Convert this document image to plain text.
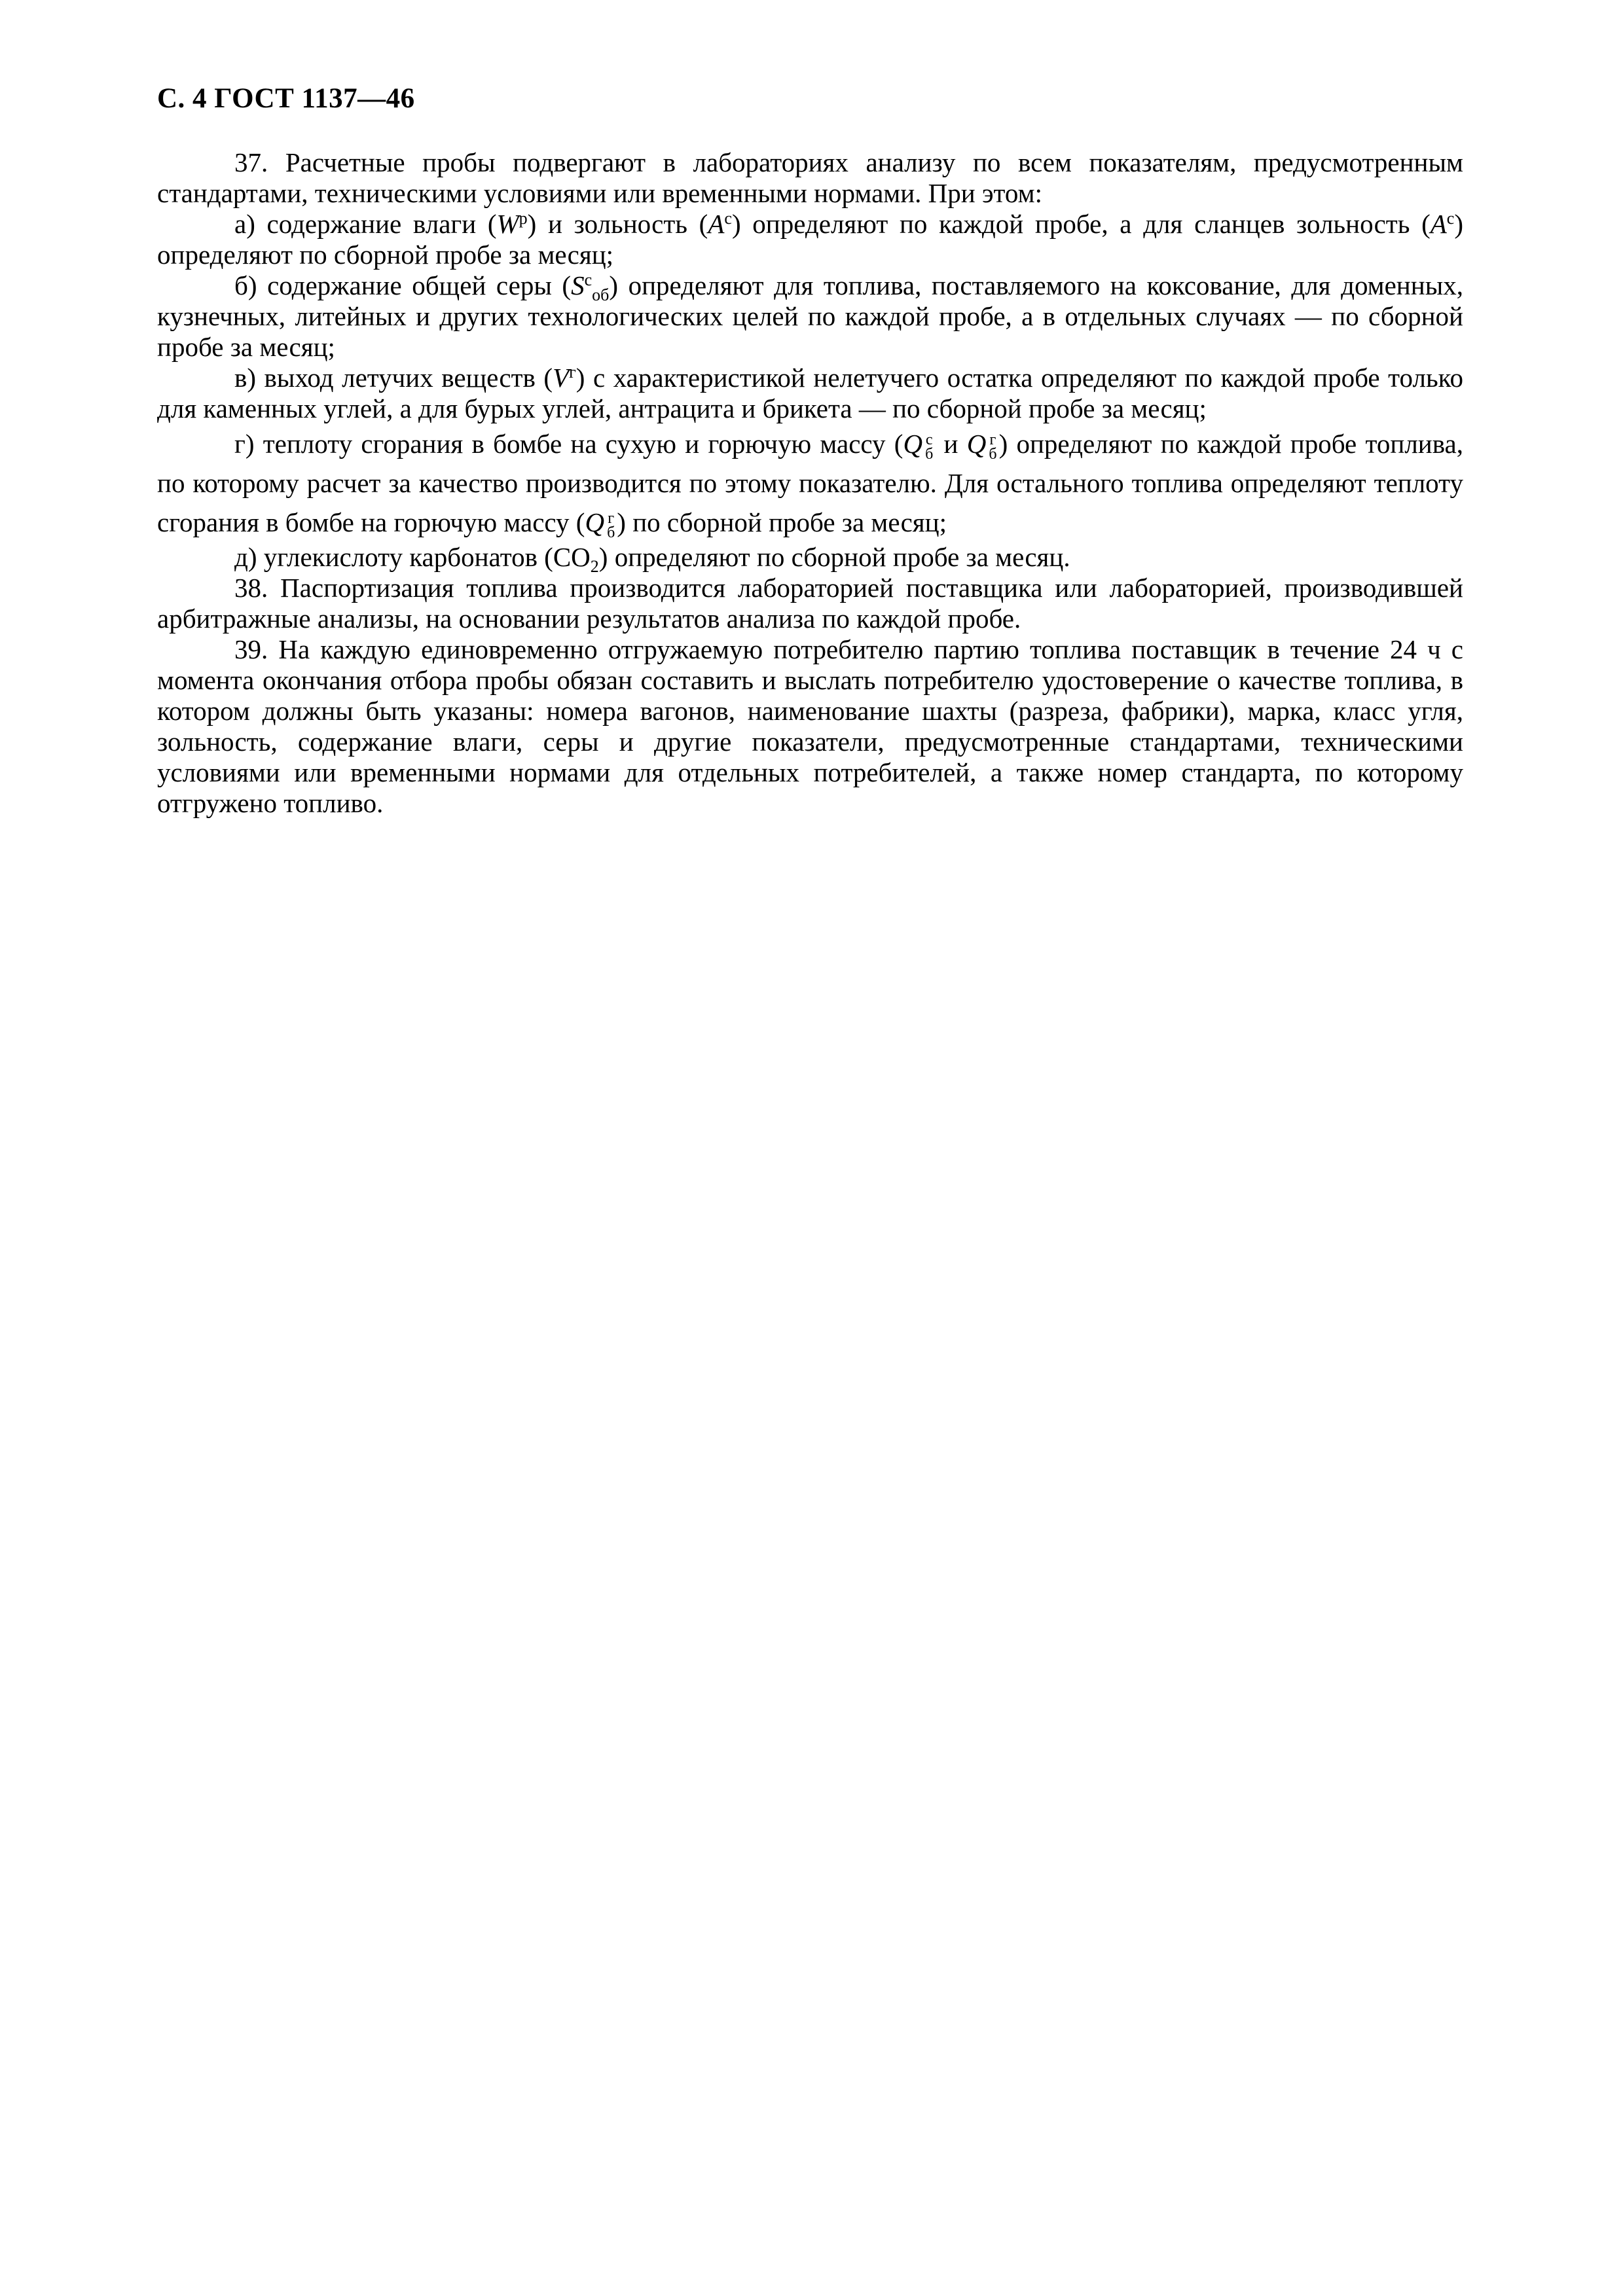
С. 4 ГОСТ 1137—46

37. Расчетные пробы подвергают в лабораториях анализу по всем показателям, предусмотренным стандартами, техническими условиями или временными нормами. При этом:

а) содержание влаги $(W^р)$ и зольность $(A^с)$ определяют по каждой пробе, а для сланцев зольность $(A^с)$ определяют по сборной пробе за месяц;

б) содержание общей серы $(S^с_{об})$ определяют для топлива, поставляемого на коксование, для доменных, кузнечных, литейных и других технологических целей по каждой пробе, а в отдельных случаях — по сборной пробе за месяц;

в) выход летучих веществ $(V^г)$ с характеристикой нелетучего остатка определяют по каждой пробе только для каменных углей, а для бурых углей, антрацита и брикета — по сборной пробе за месяц;

г) теплоту сгорания в бомбе на сухую и горючую массу (Q с
б и Q г
б ) определяют по каждой пробе топлива, по которому расчет за качество производится по этому показателю. Для остального топлива определяют теплоту сгорания в бомбе на горючую массу (Q г
б ) по сборной пробе за месяц;

д) углекислоту карбонатов $(CO_2)$ определяют по сборной пробе за месяц.

38. Паспортизация топлива производится лабораторией поставщика или лабораторией, производившей арбитражные анализы, на основании результатов анализа по каждой пробе.

39. На каждую единовременно отгружаемую потребителю партию топлива поставщик в течение 24 ч с момента окончания отбора пробы обязан составить и выслать потребителю удостоверение о качестве топлива, в котором должны быть указаны: номера вагонов, наименование шахты (разреза, фабрики), марка, класс угля, зольность, содержание влаги, серы и другие показатели, предусмотренные стандартами, техническими условиями или временными нормами для отдельных потребителей, а также номер стандарта, по которому отгружено топливо.
